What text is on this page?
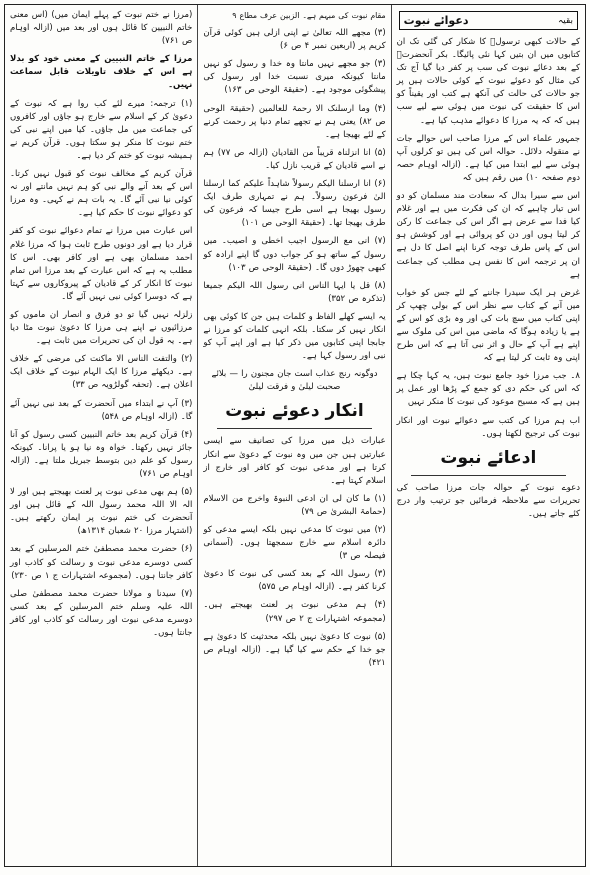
بقیہ
دعوائے نبوت

کے حالات کبھی ترسولؐ کا شکار کی گئی تک ان کتابوں میں ان بتیں کہا نئی پائیگا۔ بکر آنحضرتؐ کے بعد دعائے نبوت کی سب پر کفر دیا گیا آج تک کی مثال کو دعوئے نبوت کے کوئی حالات ہیں پر جو حالات کی حالت کی آنکھ ہے کتب اور یقیناً کو اس کا حقیقت کی نبوت میں ہوئی سے لیے سب ہیں کہ کہ یہ مرزا کا دعوائے مذہب کیا ہے۔

جمہور علماء اس کے مرزا صاحب اس حوالے جات نے منقولہ دلائل۔ حوالہ اس کی ہیں تو کرلوں آپ ہوئی سے لیے ابتدا میں کیا ہے۔ (ازالہ اوہام حصہ دوم صفحہ ۱۰) میں رقم ہیں کہ

اس سے سیرا بدال کہ سعادت مند مسلمان کو دو اس تیار چاہیے کہ ان کی فکرت میں ہے اور غلام کیا فدا سے عرض ہے اگر اس کی جماعت کا رکن کر لیتا ہوں اور دن کو پروائی ہے اور کوشش ہو اس کے پاس طرف توجہ کرنا اپنے اصل کا دل ہے ان پر ترجمہ اس کا نفس ہی مطلب کی جماعت ہے

غرض ہر ایک سیدرا جاننے کے لئے جس کو خواب میں آنے کے کتاب سے نظر اس کے بولی چھپ کر اپنی کتاب میں سچ بات کی اور وہ بڑی کو اس کے ہے یا زیادہ ہوگا کہ ماضی میں اس کی ملوک سے اپنے ہے آپ کے حال و اثر نبی آتا ہے کہ اس طرح اپنی وہ ثابت کر لیتا ہے کہ

۸۔ جب مرزا خود جامع نبوت ہیں، یہ کہا چکا ہے کہ اس کی حکم دی کو جمع کے پڑھا اور عمل پر ہیں ہے کہ مسیح موعود کی نبوت کا منکر نہیں

اب ہم مرزا کی کتب سے دعوائے نبوت اور انکار نبوت کی ترجیح لکھتا ہوں۔

ادعائے نبوت

دعوے نبوت کے حوالہ جات مرزا صاحب کی تحریرات سے ملاحظہ فرمائیں جو ترتیب وار درج کئے جاتے ہیں۔

مقام نبوت کی مبہم ہے۔ الزبین عرف مطاع ۹

(۳) مجھے اللہ تعالیٰ نے اپنی ازلی ہیں کوئی قرآن کریم پر (اربعین نمبر ۴ ص ۶)

(۳) جو مجھے نہیں مانتا وہ خدا و رسول کو نہیں مانتا کیونکہ میری نسبت خدا اور رسول کی پیشگوئی موجود ہے۔ (حقیقۃ الوحی ص ۱۶۳)

(۴) وما ارسلنک الا رحمۃ للعالمین (حقیقۃ الوحی ص ۸۲) یعنی ہم نے تجھے تمام دنیا پر رحمت کرنے کے لئے بھیجا ہے۔

(۵) انا انزلناہ قریباً من القادیان (ازالہ ص ۷۷) ہم نے اسے قادیان کے قریب نازل کیا۔

(۶) انا ارسلنا الیکم رسولاً شاہداً علیکم کما ارسلنا الیٰ فرعون رسولاً۔ ہم نے تمہاری طرف ایک رسول بھیجا ہے اسی طرح جیسا کہ فرعون کی طرف بھیجا تھا۔ (حقیقۃ الوحی ص ۱۰۱)

(۷) انی مع الرسول اجیب اخطی و اصیب۔ میں رسول کے ساتھ ہو کر جواب دوں گا اپنے ارادہ کو کبھی چھوڑ دوں گا۔ (حقیقۃ الوحی ص ۱۰۳)

(۸) قل یا ایہا الناس انی رسول اللہ الیکم جمیعا (تذکرہ ص ۳۵۲)

یہ ایسے کھلے الفاظ و کلمات ہیں جن کا کوئی بھی انکار نہیں کر سکتا۔ بلکہ انہی کلمات کو مرزا نے جابجا اپنی کتابوں میں ذکر کیا ہے اور اپنے آپ کو نبی اور رسول کہا ہے۔

دوگونہ رنج عذاب است جان مجنون را — بلائے صحبت لیلیٰ و فرقت لیلیٰ

انکار دعوئے نبوت

عبارات ذیل میں مرزا کی تصانیف سے ایسی عبارتیں ہیں جن میں وہ نبوت کے دعویٰ سے انکار کرتا ہے اور مدعی نبوت کو کافر اور خارج از اسلام کہتا ہے۔

(۱) ما کان لی ان ادعی النبوۃ واخرج من الاسلام (حمامۃ البشریٰ ص ۷۹)

(۲) میں نبوت کا مدعی نہیں بلکہ ایسے مدعی کو دائرہ اسلام سے خارج سمجھتا ہوں۔ (آسمانی فیصلہ ص ۳)

(۳) رسول اللہ کے بعد کسی کی نبوت کا دعویٰ کرنا کفر ہے۔ (ازالہ اوہام ص ۵۷۵)

(۴) ہم مدعی نبوت پر لعنت بھیجتے ہیں۔ (مجموعہ اشتہارات ج ۲ ص ۲۹۷)

(۵) نبوت کا دعویٰ نہیں بلکہ محدثیت کا دعویٰ ہے جو خدا کے حکم سے کیا گیا ہے۔ (ازالہ اوہام ص ۴۲۱)

(مرزا نے ختم نبوت کے پہلے ایمان میں) (اس معنی خاتم النبیین کا قائل ہوں اور بعد میں (ازالہ اوہام ص ۷۶۱)

مرزا کے خاتم النبیین کے معنی خود کو بدلا ہے اس کے خلاف تاویلات قابل سماعت نہیں۔

(۱) ترجمہ: میرے لئے کب روا ہے کہ نبوت کے دعویٰ کر کے اسلام سے خارج ہو جاؤں اور کافروں کی جماعت میں مل جاؤں۔ کیا میں اپنے نبی کی ختم نبوت کا منکر ہو سکتا ہوں۔ قرآن کریم نے ہمیشہ نبوت کو ختم کر دیا ہے۔

قرآن کریم کے مخالف نبوت کو قبول نہیں کرتا۔ اس کے بعد آنے والے نبی کو ہم نہیں مانتے اور نہ کوئی نیا نبی آئے گا۔ یہ بات ہم نے کہی۔ وہ مرزا کو دعوائے نبوت کا حکم کیا ہے۔

اس عبارت میں مرزا نے تمام دعوائے نبوت کو کفر قرار دیا ہے اور دونوں طرح ثابت ہوا کہ مرزا غلام احمد مسلمان بھی ہے اور کافر بھی۔ اس کا مطلب یہ ہے کہ اس عبارت کے بعد مرزا اس تمام نبوت کا انکار کر کے قادیان کے پیروکاروں سے کہتا ہے کہ دوسرا کوئی نبی نہیں آئے گا۔

زلزلہ نہیں گیا تو دو فرق و انصار ان ماموں کو مرزائیوں نے اپنے ہی مرزا کا دعویٰ نبوت مٹا دیا ہے۔ یہ قول ان کی تحریرات میں ثابت ہے۔

(۲) والتفت الناس الا ماکنت کی مرضی کے خلاف ہے۔ دیکھئے مرزا کا ایک الہام نبوت کے خلاف ایک اعلان ہے۔ (تحفہ گولڑویہ ص ۳۳)

(۳) آپ نے ابتداء میں آنحضرت کے بعد نبی نہیں آئے گا۔ (ازالہ اوہام ص ۵۴۸)

(۴) قرآن کریم بعد خاتم النبیین کسی رسول کو آنا جائز نہیں رکھتا۔ خواہ وہ نیا ہو یا پرانا۔ کیونکہ رسول کو علم دین بتوسط جبریل ملتا ہے۔ (ازالہ اوہام ص ۷۶۱)

(۵) ہم بھی مدعی نبوت پر لعنت بھیجتے ہیں اور لا الہ الا اللہ محمد رسول اللہ کے قائل ہیں اور آنحضرت کی ختم نبوت پر ایمان رکھتے ہیں۔ (اشتہار مرزا ۲۰ شعبان ۱۳۱۴ھ)

(۶) حضرت محمد مصطفیٰ ختم المرسلین کے بعد کسی دوسرے مدعی نبوت و رسالت کو کاذب اور کافر جانتا ہوں۔ (مجموعہ اشتہارات ج ۱ ص ۲۳۰)

(۷) سیدنا و مولانا حضرت محمد مصطفیٰ صلی اللہ علیہ وسلم ختم المرسلین کے بعد کسی دوسرے مدعی نبوت اور رسالت کو کاذب اور کافر جانتا ہوں۔
